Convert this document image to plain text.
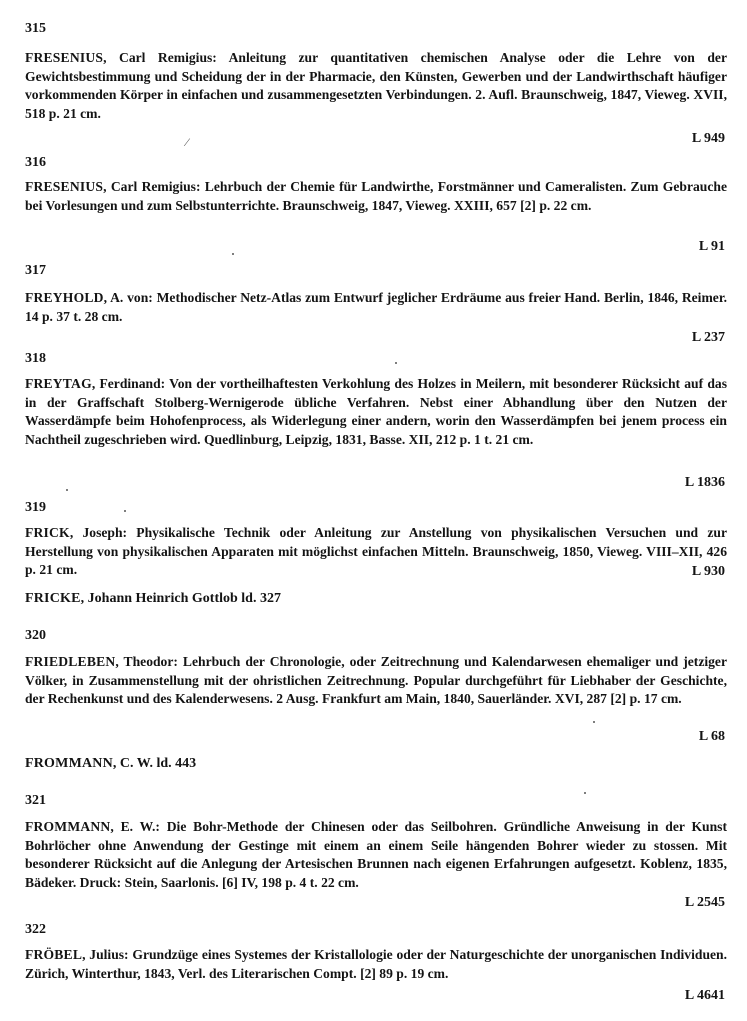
315
FRESENIUS, Carl Remigius: Anleitung zur quantitativen chemischen Analyse oder die Lehre von der Gewichtsbestimmung und Scheidung der in der Pharmacie, den Künsten, Gewerben und der Landwirthschaft häufiger vorkommenden Körper in einfachen und zusammengesetzten Verbindungen. 2. Aufl. Braunschweig, 1847, Vieweg. XVII, 518 p. 21 cm.
L 949
316
FRESENIUS, Carl Remigius: Lehrbuch der Chemie für Landwirthe, Forstmänner und Cameralisten. Zum Gebrauche bei Vorlesungen und zum Selbstunterrichte. Braunschweig, 1847, Vieweg. XXIII, 657 [2] p. 22 cm.
L 91
317
FREYHOLD, A. von: Methodischer Netz-Atlas zum Entwurf jeglicher Erdräume aus freier Hand. Berlin, 1846, Reimer. 14 p. 37 t. 28 cm.
L 237
318
FREYTAG, Ferdinand: Von der vortheilhaftesten Verkohlung des Holzes in Meilern, mit besonderer Rücksicht auf das in der Graffschaft Stolberg-Wernigerode übliche Verfahren. Nebst einer Abhandlung über den Nutzen der Wasserdämpfe beim Hohofenprocess, als Widerlegung einer andern, worin den Wasserdämpfen bei jenem process ein Nachtheil zugeschrieben wird. Quedlinburg, Leipzig, 1831, Basse. XII, 212 p. 1 t. 21 cm.
L 1836
319
FRICK, Joseph: Physikalische Technik oder Anleitung zur Anstellung von physikalischen Versuchen und zur Herstellung von physikalischen Apparaten mit möglichst einfachen Mitteln. Braunschweig, 1850, Vieweg. VIII–XII, 426 p. 21 cm.	L 930
FRICKE, Johann Heinrich Gottlob ld. 327
320
FRIEDLEBEN, Theodor: Lehrbuch der Chronologie, oder Zeitrechnung und Kalendarwesen ehemaliger und jetziger Völker, in Zusammenstellung mit der ohristlichen Zeitrechnung. Popular durchgeführt für Liebhaber der Geschichte, der Rechenkunst und des Kalenderwesens. 2 Ausg. Frankfurt am Main, 1840, Sauerländer. XVI, 287 [2] p. 17 cm.
L 68
FROMMANN, C. W. ld. 443
321
FROMMANN, E. W.: Die Bohr-Methode der Chinesen oder das Seilbohren. Gründliche Anweisung in der Kunst Bohrlöcher ohne Anwendung der Gestinge mit einem an einem Seile hängenden Bohrer wieder zu stossen. Mit besonderer Rücksicht auf die Anlegung der Artesischen Brunnen nach eigenen Erfahrungen aufgesetzt. Koblenz, 1835, Bädeker. Druck: Stein, Saarlonis. [6] IV, 198 p. 4 t. 22 cm.
L 2545
322
FRÖBEL, Julius: Grundzüge eines Systemes der Kristallologie oder der Naturgeschichte der unorganischen Individuen. Zürich, Winterthur, 1843, Verl. des Literarischen Compt. [2] 89 p. 19 cm.
L 4641
⁄
